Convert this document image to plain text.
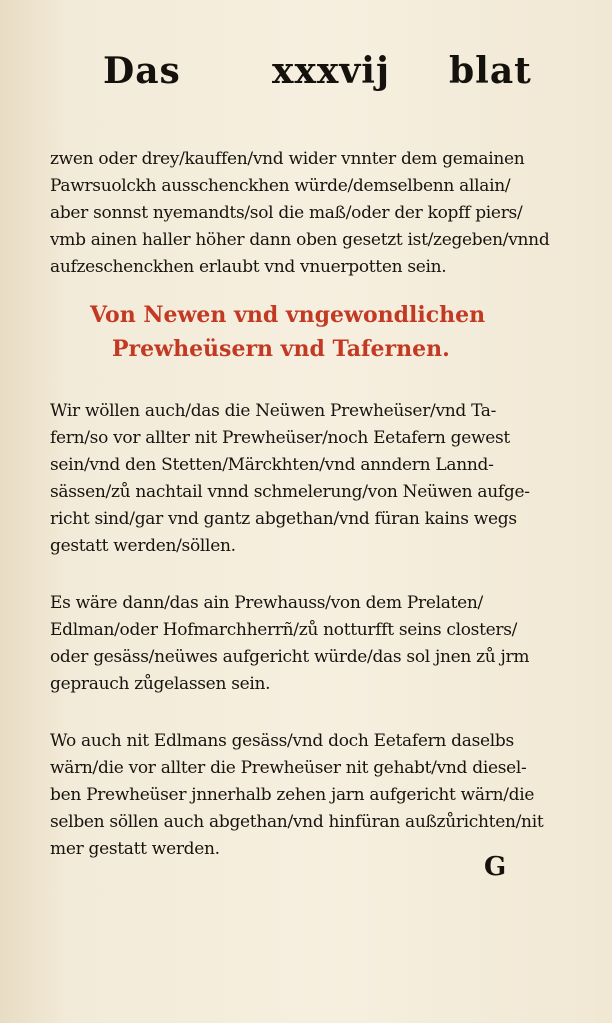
Das	xxxvij blat
zwen oder drey/kauffen/vnd wider vnnter dem gemainen
Pawrsuolckh ausschenckhen würde/demselbenn allain/
aber sonnst nyemandts/sol die maß/oder der kopff piers/
vmb ainen haller höher dann oben gesetzt ist/zegeben/vnnd
aufzeschenckhen erlaubt vnd vnuerpotten sein.
Von Newen vnd vngewondlichen
Prewheüsern vnd Tafernen.
Wir wöllen auch/das die Neüwen Prewheüser/vnd Ta-
fern/so vor allter nit Prewheüser/noch Eetafern gewest
sein/vnd den Stetten/Märckhten/vnd anndern Lannd-
sässen/zů nachtail vnnd schmelerung/von Neüwen aufge-
richt sind/gar vnd gantz abgethan/vnd füran kains wegs
gestatt werden/söllen.
Es wäre dann/das ain Prewhauss/von dem Prelaten/
Edlman/oder Hofmarchherrñ/zů notturfft seins closters/
oder gesäss/neüwes aufgericht würde/das sol jnen zů jrm
geprauch zůgelassen sein.
Wo auch nit Edlmans gesäss/vnd doch Eetafern daselbs
wärn/die vor allter die Prewheüser nit gehabt/vnd diesel-
ben Prewheüser jnnerhalb zehen jarn aufgericht wärn/die
selben söllen auch abgethan/vnd hinfüran außzůrichten/nit
mer gestatt werden.
G
